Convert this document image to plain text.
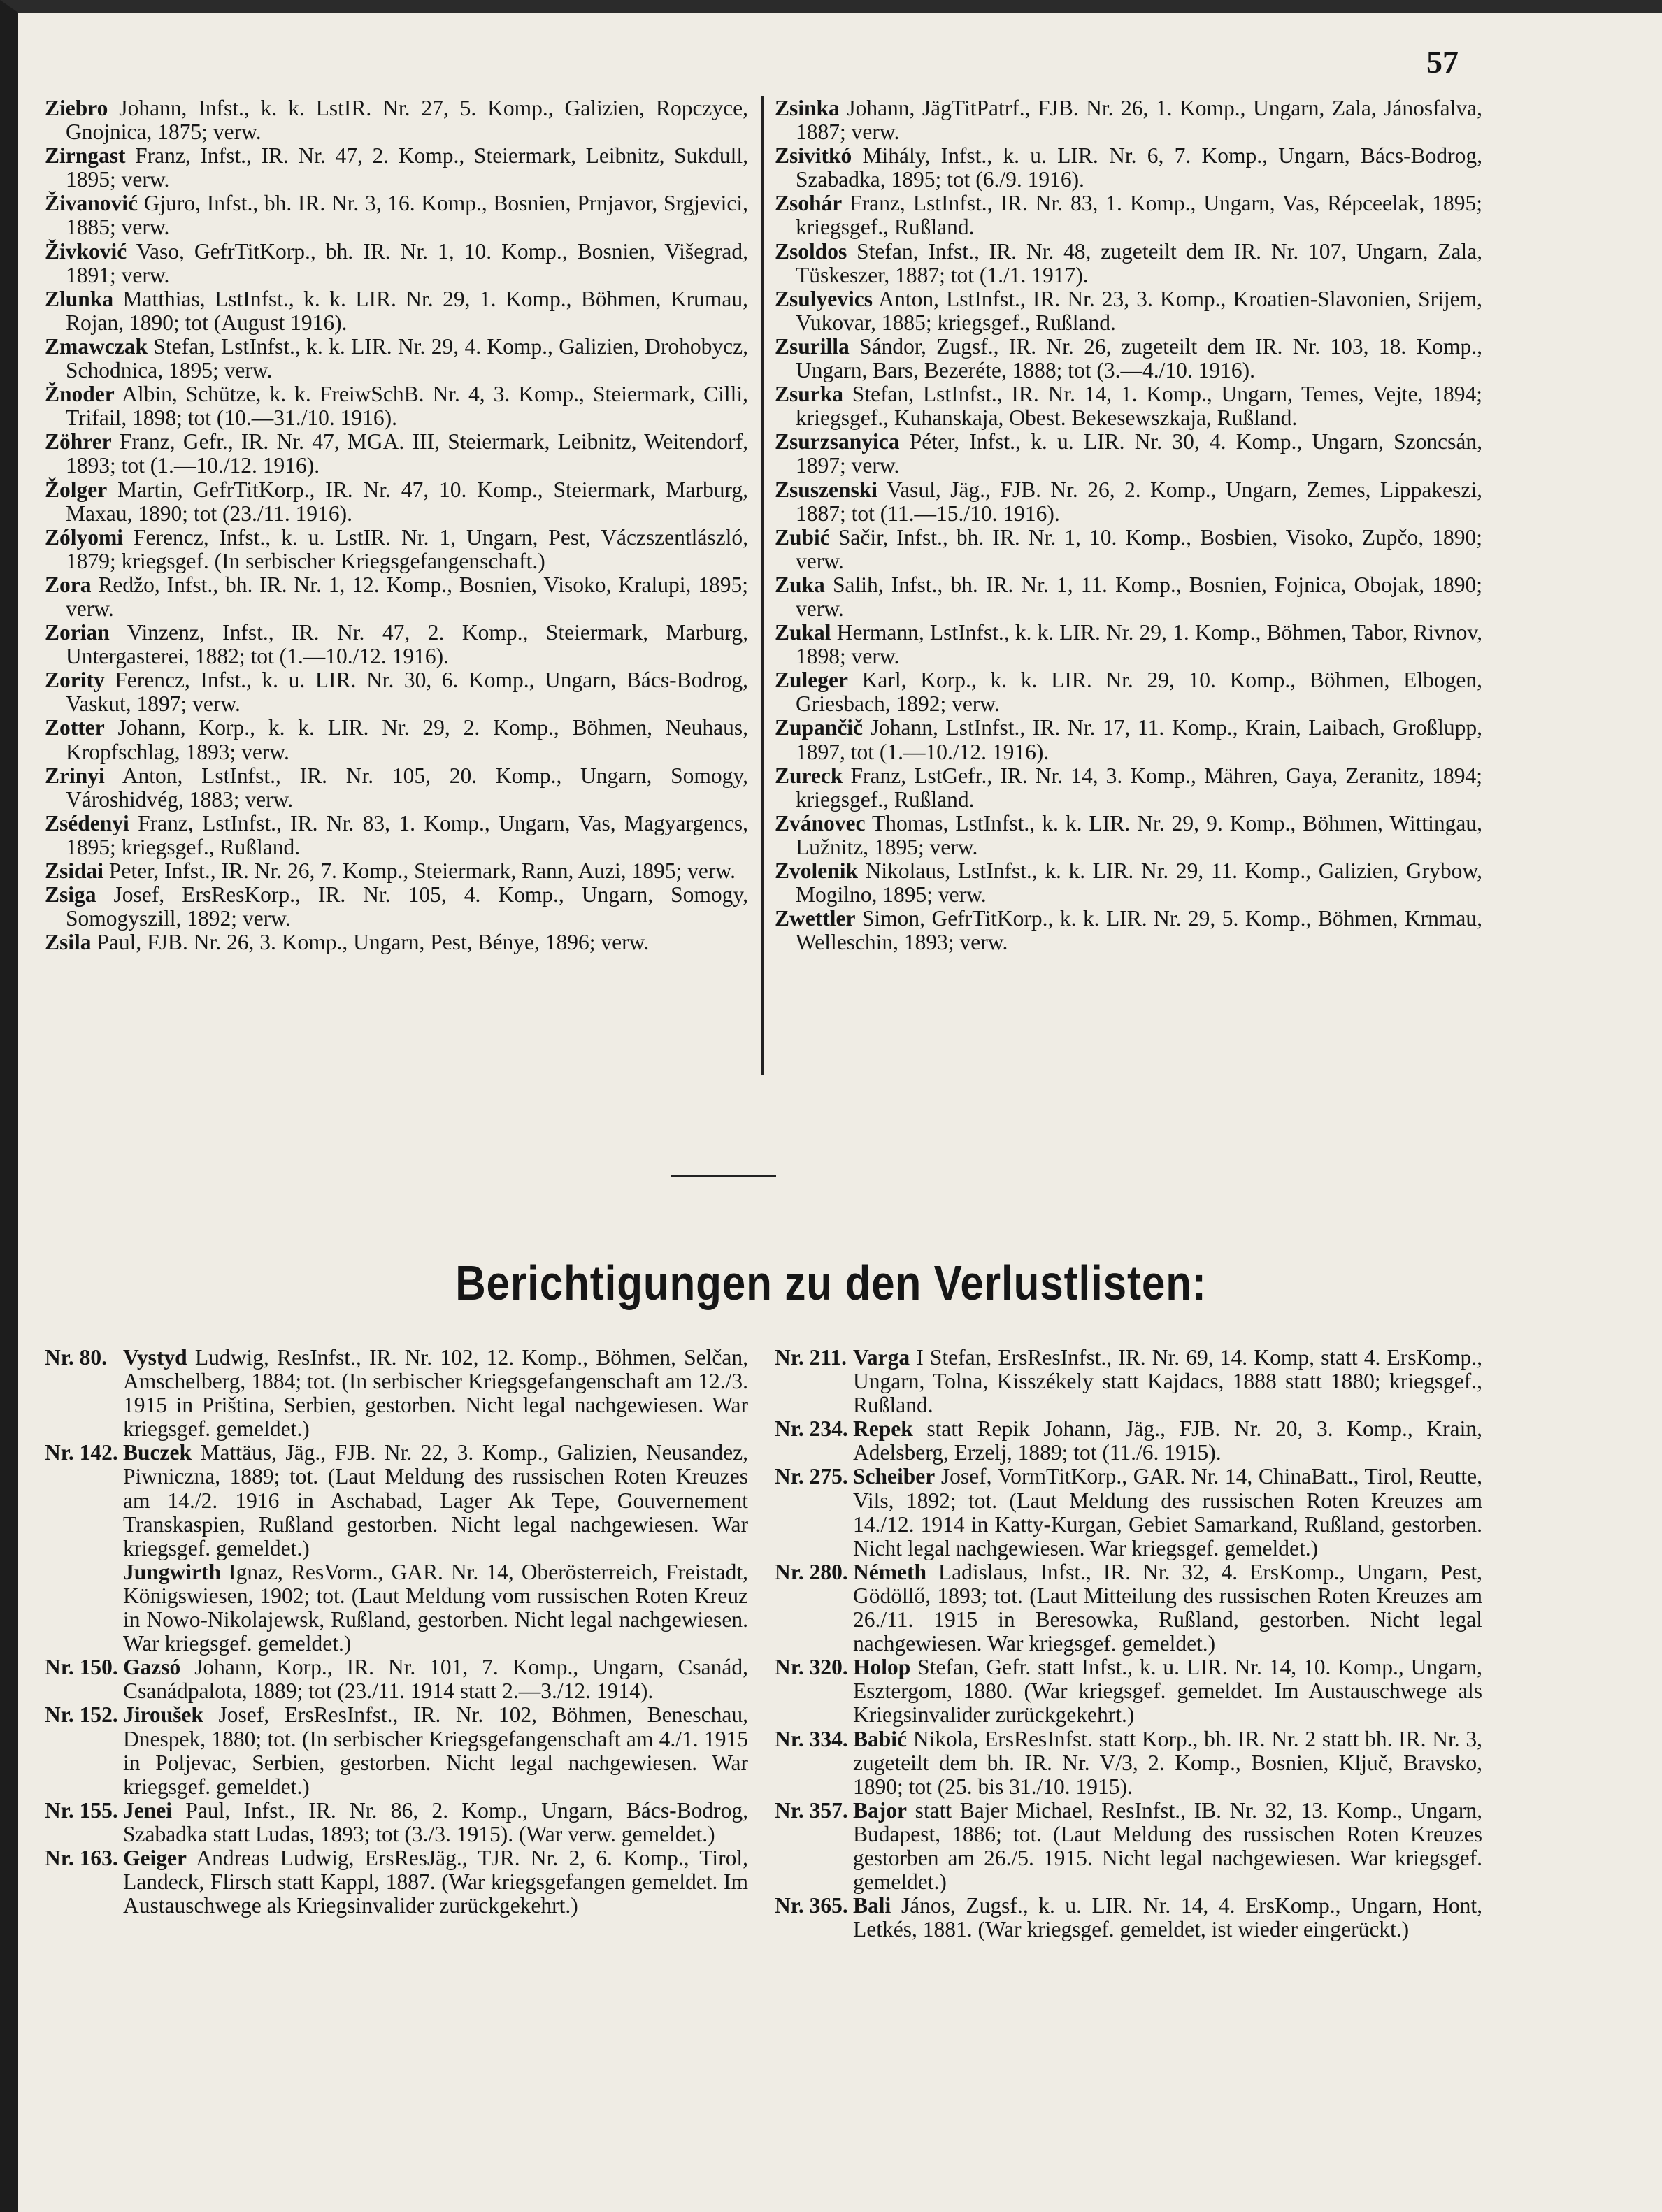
57

Ziebro Johann, Infst., k. k. LstIR. Nr. 27, 5. Komp., Galizien, Ropczyce, Gnojnica, 1875; verw.

Zirngast Franz, Infst., IR. Nr. 47, 2. Komp., Steiermark, Leibnitz, Sukdull, 1895; verw.

Živanović Gjuro, Infst., bh. IR. Nr. 3, 16. Komp., Bosnien, Prnjavor, Srgjevici, 1885; verw.

Živković Vaso, GefrTitKorp., bh. IR. Nr. 1, 10. Komp., Bosnien, Višegrad, 1891; verw.

Zlunka Matthias, LstInfst., k. k. LIR. Nr. 29, 1. Komp., Böhmen, Krumau, Rojan, 1890; tot (August 1916).

Zmawczak Stefan, LstInfst., k. k. LIR. Nr. 29, 4. Komp., Galizien, Drohobycz, Schodnica, 1895; verw.

Žnoder Albin, Schütze, k. k. FreiwSchB. Nr. 4, 3. Komp., Steiermark, Cilli, Trifail, 1898; tot (10.—31./10. 1916).

Zöhrer Franz, Gefr., IR. Nr. 47, MGA. III, Steiermark, Leibnitz, Weitendorf, 1893; tot (1.—10./12. 1916).

Žolger Martin, GefrTitKorp., IR. Nr. 47, 10. Komp., Steiermark, Marburg, Maxau, 1890; tot (23./11. 1916).

Zólyomi Ferencz, Infst., k. u. LstIR. Nr. 1, Ungarn, Pest, Váczszentlászló, 1879; kriegsgef. (In serbischer Kriegsgefangenschaft.)

Zora Redžo, Infst., bh. IR. Nr. 1, 12. Komp., Bosnien, Visoko, Kralupi, 1895; verw.

Zorian Vinzenz, Infst., IR. Nr. 47, 2. Komp., Steiermark, Marburg, Untergasterei, 1882; tot (1.—10./12. 1916).

Zority Ferencz, Infst., k. u. LIR. Nr. 30, 6. Komp., Ungarn, Bács-Bodrog, Vaskut, 1897; verw.

Zotter Johann, Korp., k. k. LIR. Nr. 29, 2. Komp., Böhmen, Neuhaus, Kropfschlag, 1893; verw.

Zrinyi Anton, LstInfst., IR. Nr. 105, 20. Komp., Ungarn, Somogy, Városhidvég, 1883; verw.

Zsédenyi Franz, LstInfst., IR. Nr. 83, 1. Komp., Ungarn, Vas, Magyargencs, 1895; kriegsgef., Rußland.

Zsidai Peter, Infst., IR. Nr. 26, 7. Komp., Steiermark, Rann, Auzi, 1895; verw.

Zsiga Josef, ErsResKorp., IR. Nr. 105, 4. Komp., Ungarn, Somogy, Somogyszill, 1892; verw.

Zsila Paul, FJB. Nr. 26, 3. Komp., Ungarn, Pest, Bénye, 1896; verw.

Zsinka Johann, JägTitPatrf., FJB. Nr. 26, 1. Komp., Ungarn, Zala, Jánosfalva, 1887; verw.

Zsivitkó Mihály, Infst., k. u. LIR. Nr. 6, 7. Komp., Ungarn, Bács-Bodrog, Szabadka, 1895; tot (6./9. 1916).

Zsohár Franz, LstInfst., IR. Nr. 83, 1. Komp., Ungarn, Vas, Répceelak, 1895; kriegsgef., Rußland.

Zsoldos Stefan, Infst., IR. Nr. 48, zugeteilt dem IR. Nr. 107, Ungarn, Zala, Tüskeszer, 1887; tot (1./1. 1917).

Zsulyevics Anton, LstInfst., IR. Nr. 23, 3. Komp., Kroatien-Slavonien, Srijem, Vukovar, 1885; kriegsgef., Rußland.

Zsurilla Sándor, Zugsf., IR. Nr. 26, zugeteilt dem IR. Nr. 103, 18. Komp., Ungarn, Bars, Bezeréte, 1888; tot (3.—4./10. 1916).

Zsurka Stefan, LstInfst., IR. Nr. 14, 1. Komp., Ungarn, Temes, Vejte, 1894; kriegsgef., Kuhanskaja, Obest. Bekesewszkaja, Rußland.

Zsurzsanyica Péter, Infst., k. u. LIR. Nr. 30, 4. Komp., Ungarn, Szoncsán, 1897; verw.

Zsuszenski Vasul, Jäg., FJB. Nr. 26, 2. Komp., Ungarn, Zemes, Lippakeszi, 1887; tot (11.—15./10. 1916).

Zubić Sačir, Infst., bh. IR. Nr. 1, 10. Komp., Bosbien, Visoko, Zupčo, 1890; verw.

Zuka Salih, Infst., bh. IR. Nr. 1, 11. Komp., Bosnien, Fojnica, Obojak, 1890; verw.

Zukal Hermann, LstInfst., k. k. LIR. Nr. 29, 1. Komp., Böhmen, Tabor, Rivnov, 1898; verw.

Zuleger Karl, Korp., k. k. LIR. Nr. 29, 10. Komp., Böhmen, Elbogen, Griesbach, 1892; verw.

Zupančič Johann, LstInfst., IR. Nr. 17, 11. Komp., Krain, Laibach, Großlupp, 1897, tot (1.—10./12. 1916).

Zureck Franz, LstGefr., IR. Nr. 14, 3. Komp., Mähren, Gaya, Zeranitz, 1894; kriegsgef., Rußland.

Zvánovec Thomas, LstInfst., k. k. LIR. Nr. 29, 9. Komp., Böhmen, Wittingau, Lužnitz, 1895; verw.

Zvolenik Nikolaus, LstInfst., k. k. LIR. Nr. 29, 11. Komp., Galizien, Grybow, Mogilno, 1895; verw.

Zwettler Simon, GefrTitKorp., k. k. LIR. Nr. 29, 5. Komp., Böhmen, Krnmau, Welleschin, 1893; verw.

Berichtigungen zu den Verlustlisten:

Nr. 80. Vystyd Ludwig, ResInfst., IR. Nr. 102, 12. Komp., Böhmen, Selčan, Amschelberg, 1884; tot. (In serbischer Kriegsgefangenschaft am 12./3. 1915 in Priština, Serbien, gestorben. Nicht legal nachgewiesen. War kriegsgef. gemeldet.)

Nr. 142. Buczek Mattäus, Jäg., FJB. Nr. 22, 3. Komp., Galizien, Neusandez, Piwniczna, 1889; tot. (Laut Meldung des russischen Roten Kreuzes am 14./2. 1916 in Aschabad, Lager Ak Tepe, Gouvernement Transkaspien, Rußland gestorben. Nicht legal nachgewiesen. War kriegsgef. gemeldet.)

Jungwirth Ignaz, ResVorm., GAR. Nr. 14, Oberösterreich, Freistadt, Königswiesen, 1902; tot. (Laut Meldung vom russischen Roten Kreuz in Nowo-Nikolajewsk, Rußland, gestorben. Nicht legal nachgewiesen. War kriegsgef. gemeldet.)

Nr. 150. Gazsó Johann, Korp., IR. Nr. 101, 7. Komp., Ungarn, Csanád, Csanádpalota, 1889; tot (23./11. 1914 statt 2.—3./12. 1914).

Nr. 152. Jiroušek Josef, ErsResInfst., IR. Nr. 102, Böhmen, Beneschau, Dnespek, 1880; tot. (In serbischer Kriegsgefangenschaft am 4./1. 1915 in Poljevac, Serbien, gestorben. Nicht legal nachgewiesen. War kriegsgef. gemeldet.)

Nr. 155. Jenei Paul, Infst., IR. Nr. 86, 2. Komp., Ungarn, Bács-Bodrog, Szabadka statt Ludas, 1893; tot (3./3. 1915). (War verw. gemeldet.)

Nr. 163. Geiger Andreas Ludwig, ErsResJäg., TJR. Nr. 2, 6. Komp., Tirol, Landeck, Flirsch statt Kappl, 1887. (War kriegsgefangen gemeldet. Im Austauschwege als Kriegsinvalider zurückgekehrt.)

Nr. 211. Varga I Stefan, ErsResInfst., IR. Nr. 69, 14. Komp, statt 4. ErsKomp., Ungarn, Tolna, Kisszékely statt Kajdacs, 1888 statt 1880; kriegsgef., Rußland.

Nr. 234. Repek statt Repik Johann, Jäg., FJB. Nr. 20, 3. Komp., Krain, Adelsberg, Erzelj, 1889; tot (11./6. 1915).

Nr. 275. Scheiber Josef, VormTitKorp., GAR. Nr. 14, ChinaBatt., Tirol, Reutte, Vils, 1892; tot. (Laut Meldung des russischen Roten Kreuzes am 14./12. 1914 in Katty-Kurgan, Gebiet Samarkand, Rußland, gestorben. Nicht legal nachgewiesen. War kriegsgef. gemeldet.)

Nr. 280. Németh Ladislaus, Infst., IR. Nr. 32, 4. ErsKomp., Ungarn, Pest, Gödöllő, 1893; tot. (Laut Mitteilung des russischen Roten Kreuzes am 26./11. 1915 in Beresowka, Rußland, gestorben. Nicht legal nachgewiesen. War kriegsgef. gemeldet.)

Nr. 320. Holop Stefan, Gefr. statt Infst., k. u. LIR. Nr. 14, 10. Komp., Ungarn, Esztergom, 1880. (War kriegsgef. gemeldet. Im Austauschwege als Kriegsinvalider zurückgekehrt.)

Nr. 334. Babić Nikola, ErsResInfst. statt Korp., bh. IR. Nr. 2 statt bh. IR. Nr. 3, zugeteilt dem bh. IR. Nr. V/3, 2. Komp., Bosnien, Ključ, Bravsko, 1890; tot (25. bis 31./10. 1915).

Nr. 357. Bajor statt Bajer Michael, ResInfst., IB. Nr. 32, 13. Komp., Ungarn, Budapest, 1886; tot. (Laut Meldung des russischen Roten Kreuzes gestorben am 26./5. 1915. Nicht legal nachgewiesen. War kriegsgef. gemeldet.)

Nr. 365. Bali János, Zugsf., k. u. LIR. Nr. 14, 4. ErsKomp., Ungarn, Hont, Letkés, 1881. (War kriegsgef. gemeldet, ist wieder eingerückt.)
